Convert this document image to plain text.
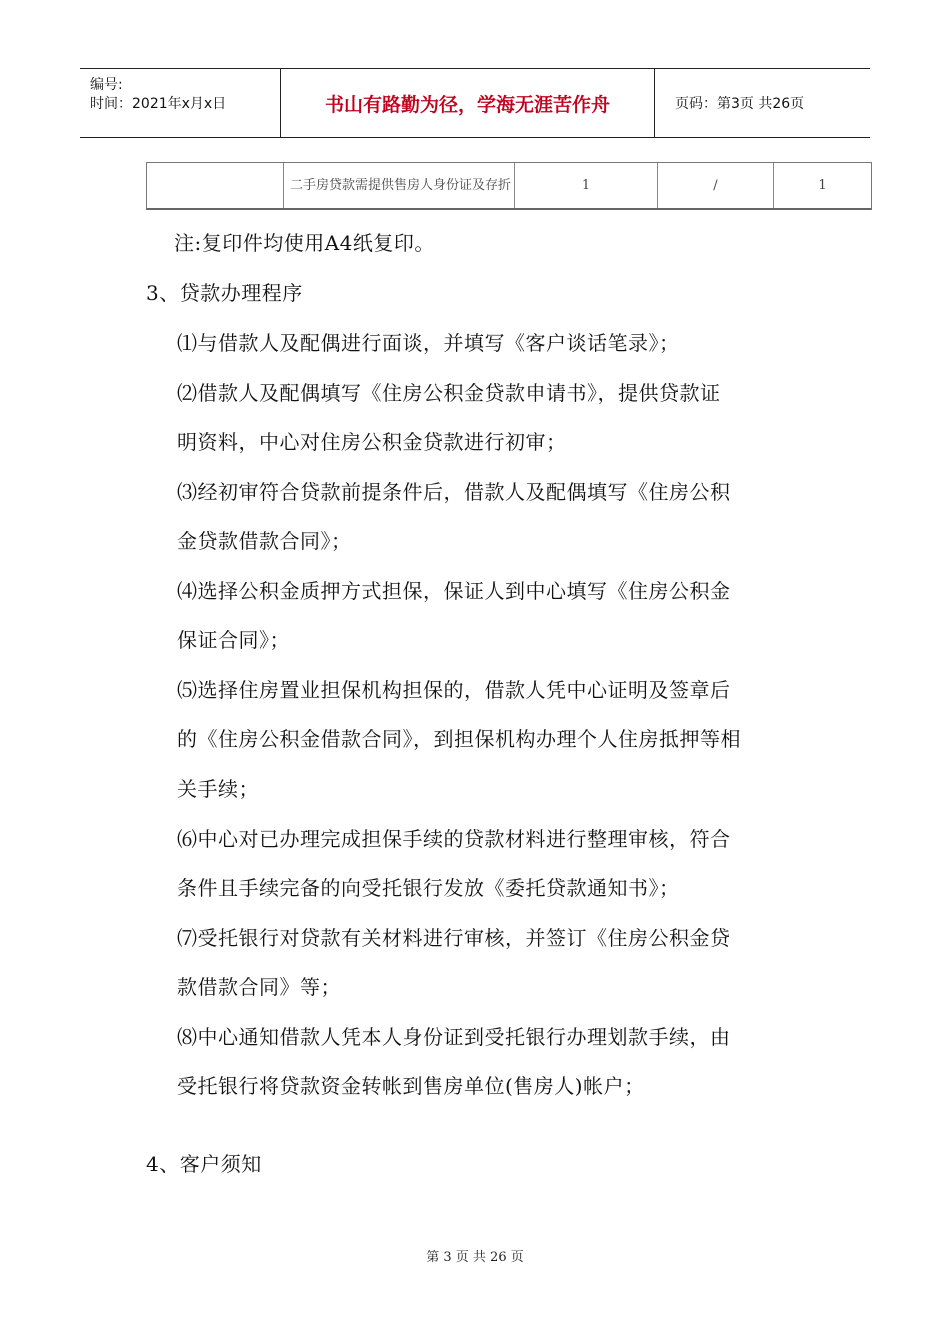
编号:
时间：2021年x月x日	书山有路勤为径，学海无涯苦作舟	页码：第3页 共26页
二手房贷款需提供售房人身份证及存折	1	/	1
注:复印件均使用A4纸复印。
3、贷款办理程序
⑴与借款人及配偶进行面谈，并填写《客户谈话笔录》；
⑵借款人及配偶填写《住房公积金贷款申请书》，提供贷款证
明资料，中心对住房公积金贷款进行初审；
⑶经初审符合贷款前提条件后，借款人及配偶填写《住房公积
金贷款借款合同》；
⑷选择公积金质押方式担保，保证人到中心填写《住房公积金
保证合同》；
⑸选择住房置业担保机构担保的，借款人凭中心证明及签章后
的《住房公积金借款合同》，到担保机构办理个人住房抵押等相
关手续；
⑹中心对已办理完成担保手续的贷款材料进行整理审核，符合
条件且手续完备的向受托银行发放《委托贷款通知书》；
⑺受托银行对贷款有关材料进行审核，并签订《住房公积金贷
款借款合同》等；
⑻中心通知借款人凭本人身份证到受托银行办理划款手续，由
受托银行将贷款资金转帐到售房单位(售房人)帐户；
4、客户须知
第 3 页 共 26 页
